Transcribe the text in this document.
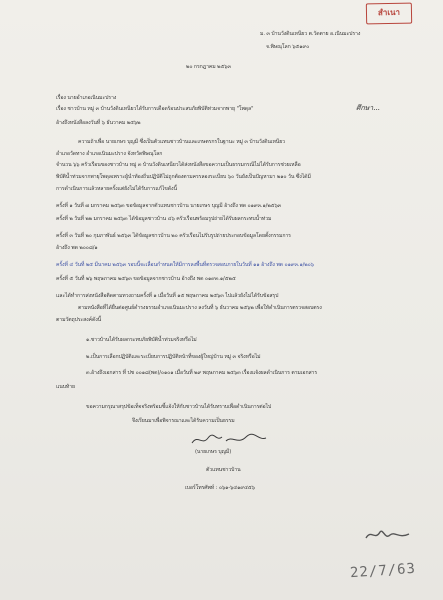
สำเนา
ม. ๓ บ้านวังดินเหนียว ต.วัดตาย อ.เนินมะปราง
จ.พิษณุโลก ๖๕๑๙๐
๒๐ กรกฎาคม ๒๕๖๓
เรื่อง นายอำเภอเนินมะปราง
เรื่อง ชาวบ้าน หมู่ ๓ บ้านวังดินเหนียวได้รับการเดือดร้อนประสบภัยพิบัติท่วมจากพายุ "โพดุล"	ศึกษา...
อ้างถึงหนังสือลงวันที่ ๖ ธันวาคม ๒๕๖๒
ความถ้าเพื่อ นายเกษร บุญมี ซึ่งเป็นตัวแทนชาวบ้านและเกษตรกรในฐานะ หมู่ ๓ บ้านวังดินเหนียว
อำเภอวัดทาง อำเภอเนินมะปราง จังหวัดพิษณุโลก
จำนวน ๖๖ ครัวเรือนของชาวบ้าน หมู่ ๓ บ้านวังดินเหนียวได้ส่งหนังสือขอความเป็นธรรมกรณีไม่ได้รับการช่วยเหลือ
พิบัติน้ำท่วมจากพายุโพดุลเพราะผู้นำท้องถิ่นปฏิบัติไม่ถูกต้องตามครรลองระเบียบ ๖๐ วันยังเป็นปัญหามา ๒๑๐ วัน ซึ่งได้มี
การดำเนินการแล้วหลายครั้งแต่ยังไม่ได้รับการแก้ไขดังนี้
ครั้งที่ ๑ วันที่ ๗ มกราคม ๒๕๖๓ ขอข้อมูลจากตัวแทนชาวบ้าน นายเกษร บุญมี อ้างถึง พด ๐๑๙๓.๑/๒๕๖๓
ครั้งที่ ๒ วันที่ ๒๒ มกราคม ๒๕๖๓ ได้ข้อมูลชาวบ้าน ๔๖ ครัวเรือนพร้อมรูปถ่ายได้รับผลกระทบน้ำท่วม
ครั้งที่ ๓ วันที่ ๒๐ กุมภาพันธ์ ๒๕๖๓ ได้ข้อมูลชาวบ้าน ๒๐ ครัวเรือนไม่รับรูปถ่ายประกอบข้อมูลโดยตั้งกรรมการ
อ้างถึง พด ๒๐๐๘/๑
ครั้งที่ ๔ วันที่ ๒๕ มีนาคม ๒๕๖๓ รอบนี้จะเลื่อนกำหนดให้มีการลงพื้นที่ตรวจสอบภายในวันที่ ๑๑ อ้างถึง พด ๐๑๙๓.๑/๒๐๖
ครั้งที่ ๕ วันที่ ๒๖ พฤษภาคม ๒๕๖๓ ขอข้อมูลจากชาวบ้าน อ้างถึง พด ๐๑๙๓.๑/๕๒๕
และได้ทำการส่งหนังสือติดตามทวงถามครั้งที่ ๑ เมื่อวันที่ ๑๕ พฤษภาคม ๒๕๖๓ ไปแล้วยังไม่ได้รับข้อสรุป
ตามหนังสือที่ได้ยื่นต่อศูนย์ดำรงธรรมอำเภอเนินมะปราง ลงวันที่ ๖ ธันวาคม ๒๕๖๒ เพื่อให้ดำเนินการตรวจสอบตรง
ตามวัตถุประสงค์ดังนี้
๑.ชาวบ้านได้รับผลกระทบภัยพิบัติน้ำท่วมจริงหรือไม่
๒.เป็นการเลือกปฏิบัติและระเบียบการปฏิบัติหน้าที่ของผู้ใหญ่บ้าน หมู่ ๓ จริงหรือไม่
๓.อ้างถึงเอกสาร ที่ ปช ๐๐๑๘(พด)/๐๑๐๑ เมื่อวันที่ ๒๙ พฤษภาคม ๒๕๖๓ เรื่องแจ้งผลดำเนินการ ตามเอกสาร
แนบท้าย
ขอความกรุณาสรุปข้อเท็จจริงพร้อมชี้แจ้งให้กับชาวบ้านได้รับทราบเพื่อดำเนินการต่อไป
จึงเรียนมาเพื่อพิจารณาและได้รับความเป็นธรรม
(นายเกษร บุญมี)
ตัวแทนชาวบ้าน
เบอร์โทรศัพท์ : ๐๖๑-๖๔๑๙๔๕๖
22/7/63
